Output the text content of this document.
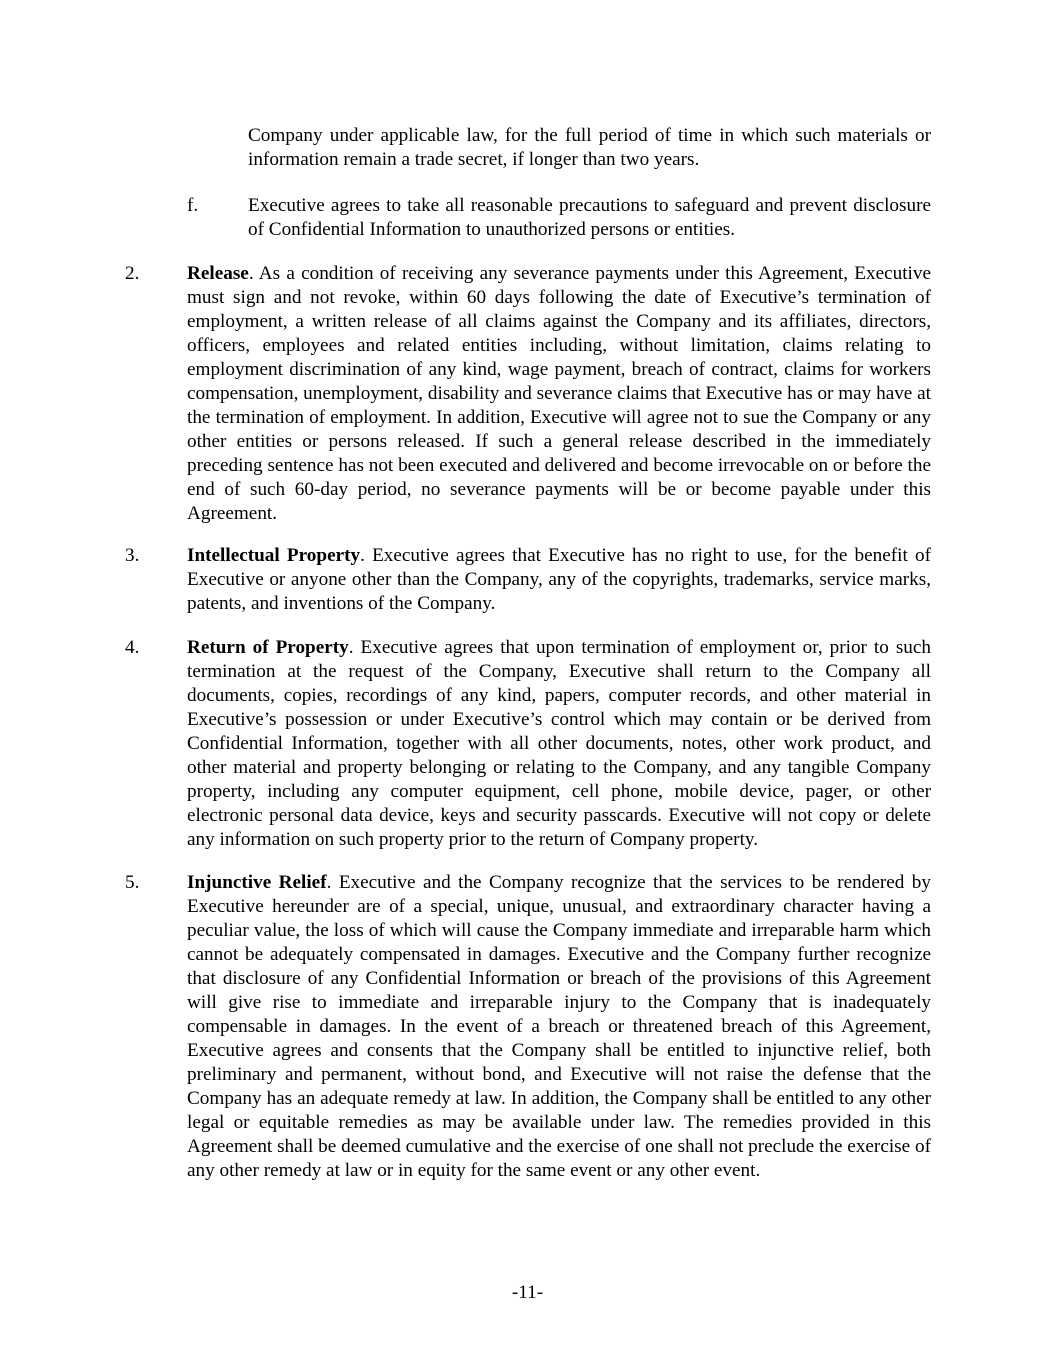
Company under applicable law, for the full period of time in which such materials or information remain a trade secret, if longer than two years.

f.	Executive agrees to take all reasonable precautions to safeguard and prevent disclosure of Confidential Information to unauthorized persons or entities.

2. Release. As a condition of receiving any severance payments under this Agreement, Executive must sign and not revoke, within 60 days following the date of Executive’s termination of employment, a written release of all claims against the Company and its affiliates, directors, officers, employees and related entities including, without limitation, claims relating to employment discrimination of any kind, wage payment, breach of contract, claims for workers compensation, unemployment, disability and severance claims that Executive has or may have at the termination of employment. In addition, Executive will agree not to sue the Company or any other entities or persons released. If such a general release described in the immediately preceding sentence has not been executed and delivered and become irrevocable on or before the end of such 60-day period, no severance payments will be or become payable under this Agreement.

3. Intellectual Property. Executive agrees that Executive has no right to use, for the benefit of Executive or anyone other than the Company, any of the copyrights, trademarks, service marks, patents, and inventions of the Company.

4. Return of Property. Executive agrees that upon termination of employment or, prior to such termination at the request of the Company, Executive shall return to the Company all documents, copies, recordings of any kind, papers, computer records, and other material in Executive’s possession or under Executive’s control which may contain or be derived from Confidential Information, together with all other documents, notes, other work product, and other material and property belonging or relating to the Company, and any tangible Company property, including any computer equipment, cell phone, mobile device, pager, or other electronic personal data device, keys and security passcards. Executive will not copy or delete any information on such property prior to the return of Company property.

5. Injunctive Relief. Executive and the Company recognize that the services to be rendered by Executive hereunder are of a special, unique, unusual, and extraordinary character having a peculiar value, the loss of which will cause the Company immediate and irreparable harm which cannot be adequately compensated in damages. Executive and the Company further recognize that disclosure of any Confidential Information or breach of the provisions of this Agreement will give rise to immediate and irreparable injury to the Company that is inadequately compensable in damages. In the event of a breach or threatened breach of this Agreement, Executive agrees and consents that the Company shall be entitled to injunctive relief, both preliminary and permanent, without bond, and Executive will not raise the defense that the Company has an adequate remedy at law. In addition, the Company shall be entitled to any other legal or equitable remedies as may be available under law. The remedies provided in this Agreement shall be deemed cumulative and the exercise of one shall not preclude the exercise of any other remedy at law or in equity for the same event or any other event.

-11-
